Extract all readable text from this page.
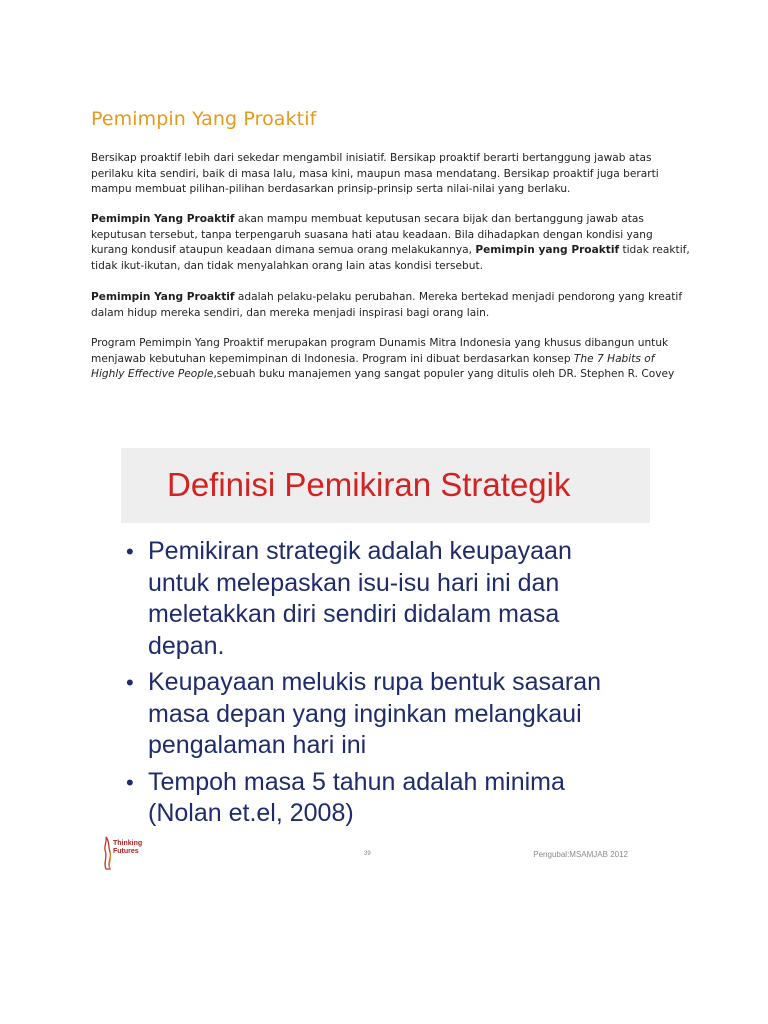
Pemimpin Yang Proaktif
Bersikap proaktif lebih dari sekedar mengambil inisiatif. Bersikap proaktif berarti bertanggung jawab atas perilaku kita sendiri, baik di masa lalu, masa kini, maupun masa mendatang. Bersikap proaktif juga berarti mampu membuat pilihan-pilihan berdasarkan prinsip-prinsip serta nilai-nilai yang berlaku.
Pemimpin Yang Proaktif akan mampu membuat keputusan secara bijak dan bertanggung jawab atas keputusan tersebut, tanpa terpengaruh suasana hati atau keadaan. Bila dihadapkan dengan kondisi yang kurang kondusif ataupun keadaan dimana semua orang melakukannya, Pemimpin yang Proaktif tidak reaktif, tidak ikut-ikutan, dan tidak menyalahkan orang lain atas kondisi tersebut.
Pemimpin Yang Proaktif adalah pelaku-pelaku perubahan. Mereka bertekad menjadi pendorong yang kreatif dalam hidup mereka sendiri, dan mereka menjadi inspirasi bagi orang lain.
Program Pemimpin Yang Proaktif merupakan program Dunamis Mitra Indonesia yang khusus dibangun untuk menjawab kebutuhan kepemimpinan di Indonesia. Program ini dibuat berdasarkan konsep The 7 Habits of Highly Effective People,sebuah buku manajemen yang sangat populer yang ditulis oleh DR. Stephen R. Covey
Definisi Pemikiran Strategik
• Pemikiran strategik adalah keupayaan
untuk melepaskan isu-isu hari ini dan
meletakkan diri sendiri didalam masa
depan.
• Keupayaan melukis rupa bentuk sasaran
masa depan yang inginkan melangkaui
pengalaman hari ini
• Tempoh masa 5 tahun adalah minima
(Nolan et.el, 2008)
Thinking
Futures	39	Pengubal:MSAMJAB 2012
